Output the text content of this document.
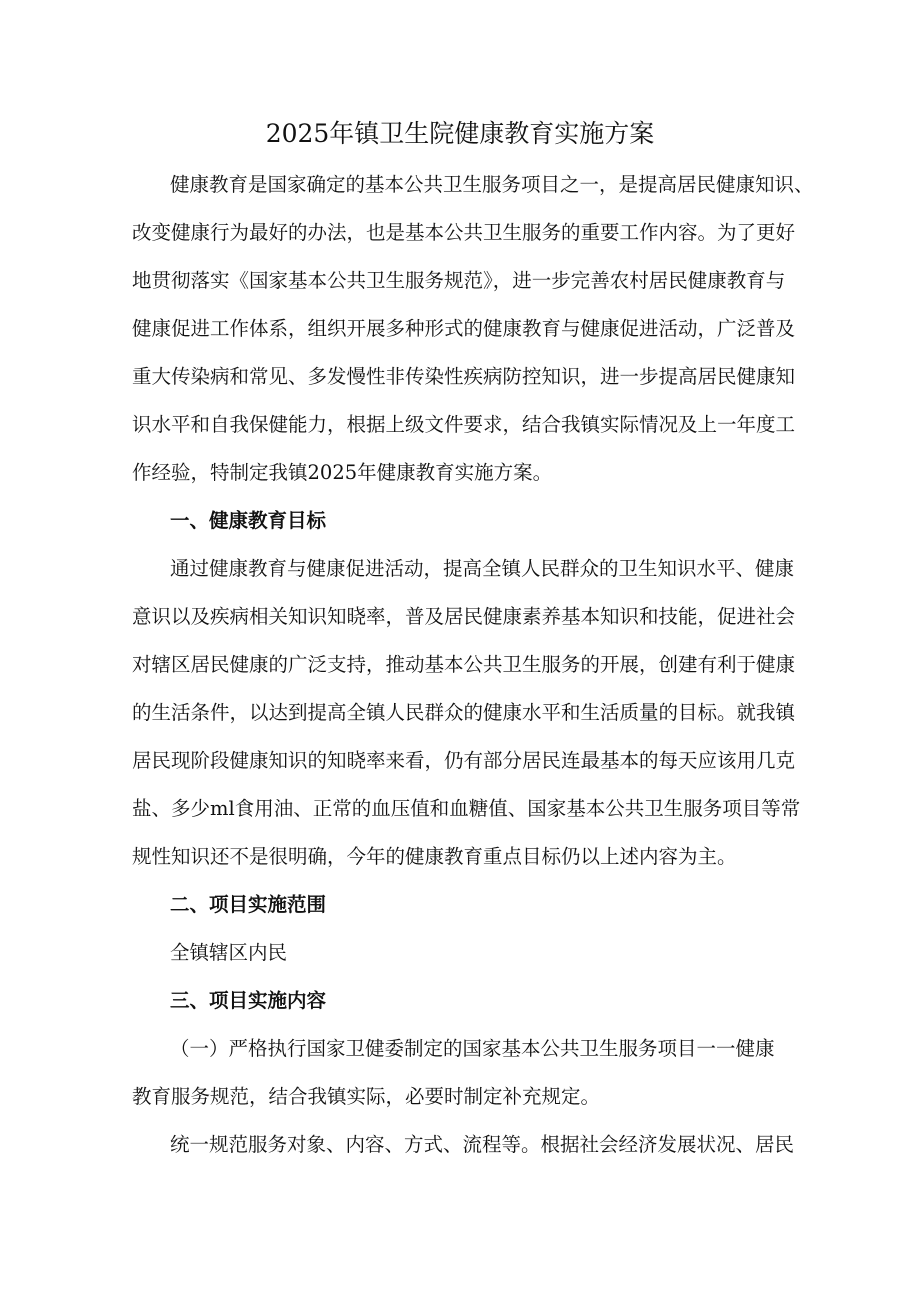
2025年镇卫生院健康教育实施方案

健康教育是国家确定的基本公共卫生服务项目之一，是提高居民健康知识、

改变健康行为最好的办法，也是基本公共卫生服务的重要工作内容。为了更好

地贯彻落实《国家基本公共卫生服务规范》，进一步完善农村居民健康教育与

健康促进工作体系，组织开展多种形式的健康教育与健康促进活动，广泛普及

重大传染病和常见、多发慢性非传染性疾病防控知识，进一步提高居民健康知

识水平和自我保健能力，根据上级文件要求，结合我镇实际情况及上一年度工

作经验，特制定我镇2025年健康教育实施方案。

一、健康教育目标

通过健康教育与健康促进活动，提高全镇人民群众的卫生知识水平、健康

意识以及疾病相关知识知晓率，普及居民健康素养基本知识和技能，促进社会

对辖区居民健康的广泛支持，推动基本公共卫生服务的开展，创建有利于健康

的生活条件，以达到提高全镇人民群众的健康水平和生活质量的目标。就我镇

居民现阶段健康知识的知晓率来看，仍有部分居民连最基本的每天应该用几克

盐、多少ml食用油、正常的血压值和血糖值、国家基本公共卫生服务项目等常

规性知识还不是很明确，今年的健康教育重点目标仍以上述内容为主。

二、项目实施范围

全镇辖区内民

三、项目实施内容

（一）严格执行国家卫健委制定的国家基本公共卫生服务项目一一健康

教育服务规范，结合我镇实际，必要时制定补充规定。

统一规范服务对象、内容、方式、流程等。根据社会经济发展状况、居民
